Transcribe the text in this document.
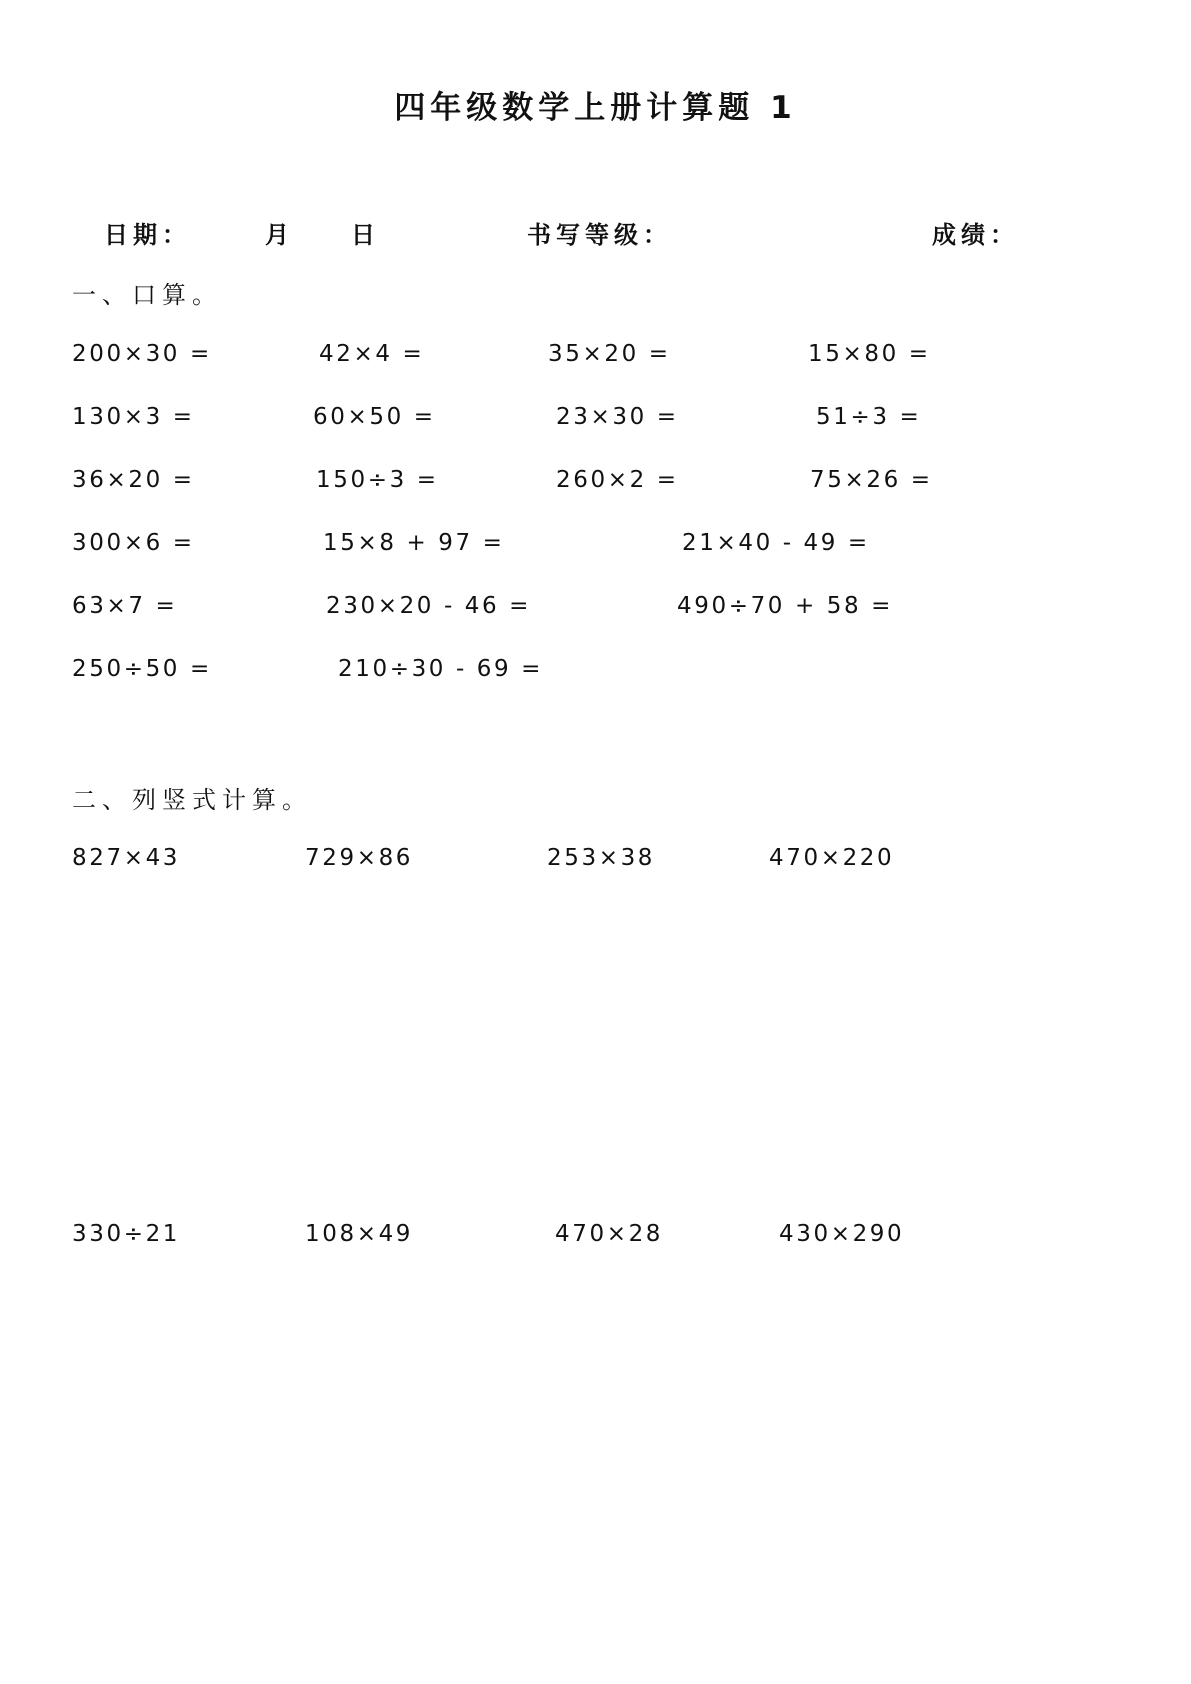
四年级数学上册计算题 1
日期：	月 日	书写等级：	成绩：
一、口算。
200×30 =	42×4 =	35×20 =	15×80 =
130×3 =	60×50 =	23×30 =	51÷3 =
36×20 =	150÷3 =	260×2 =	75×26 =
300×6 =	15×8 + 97 =	21×40 - 49 =
63×7 =	230×20 - 46 =	490÷70 + 58 =
250÷50 =	210÷30 - 69 =
二、列竖式计算。
827×43	729×86	253×38	470×220
330÷21	108×49	470×28	430×290
